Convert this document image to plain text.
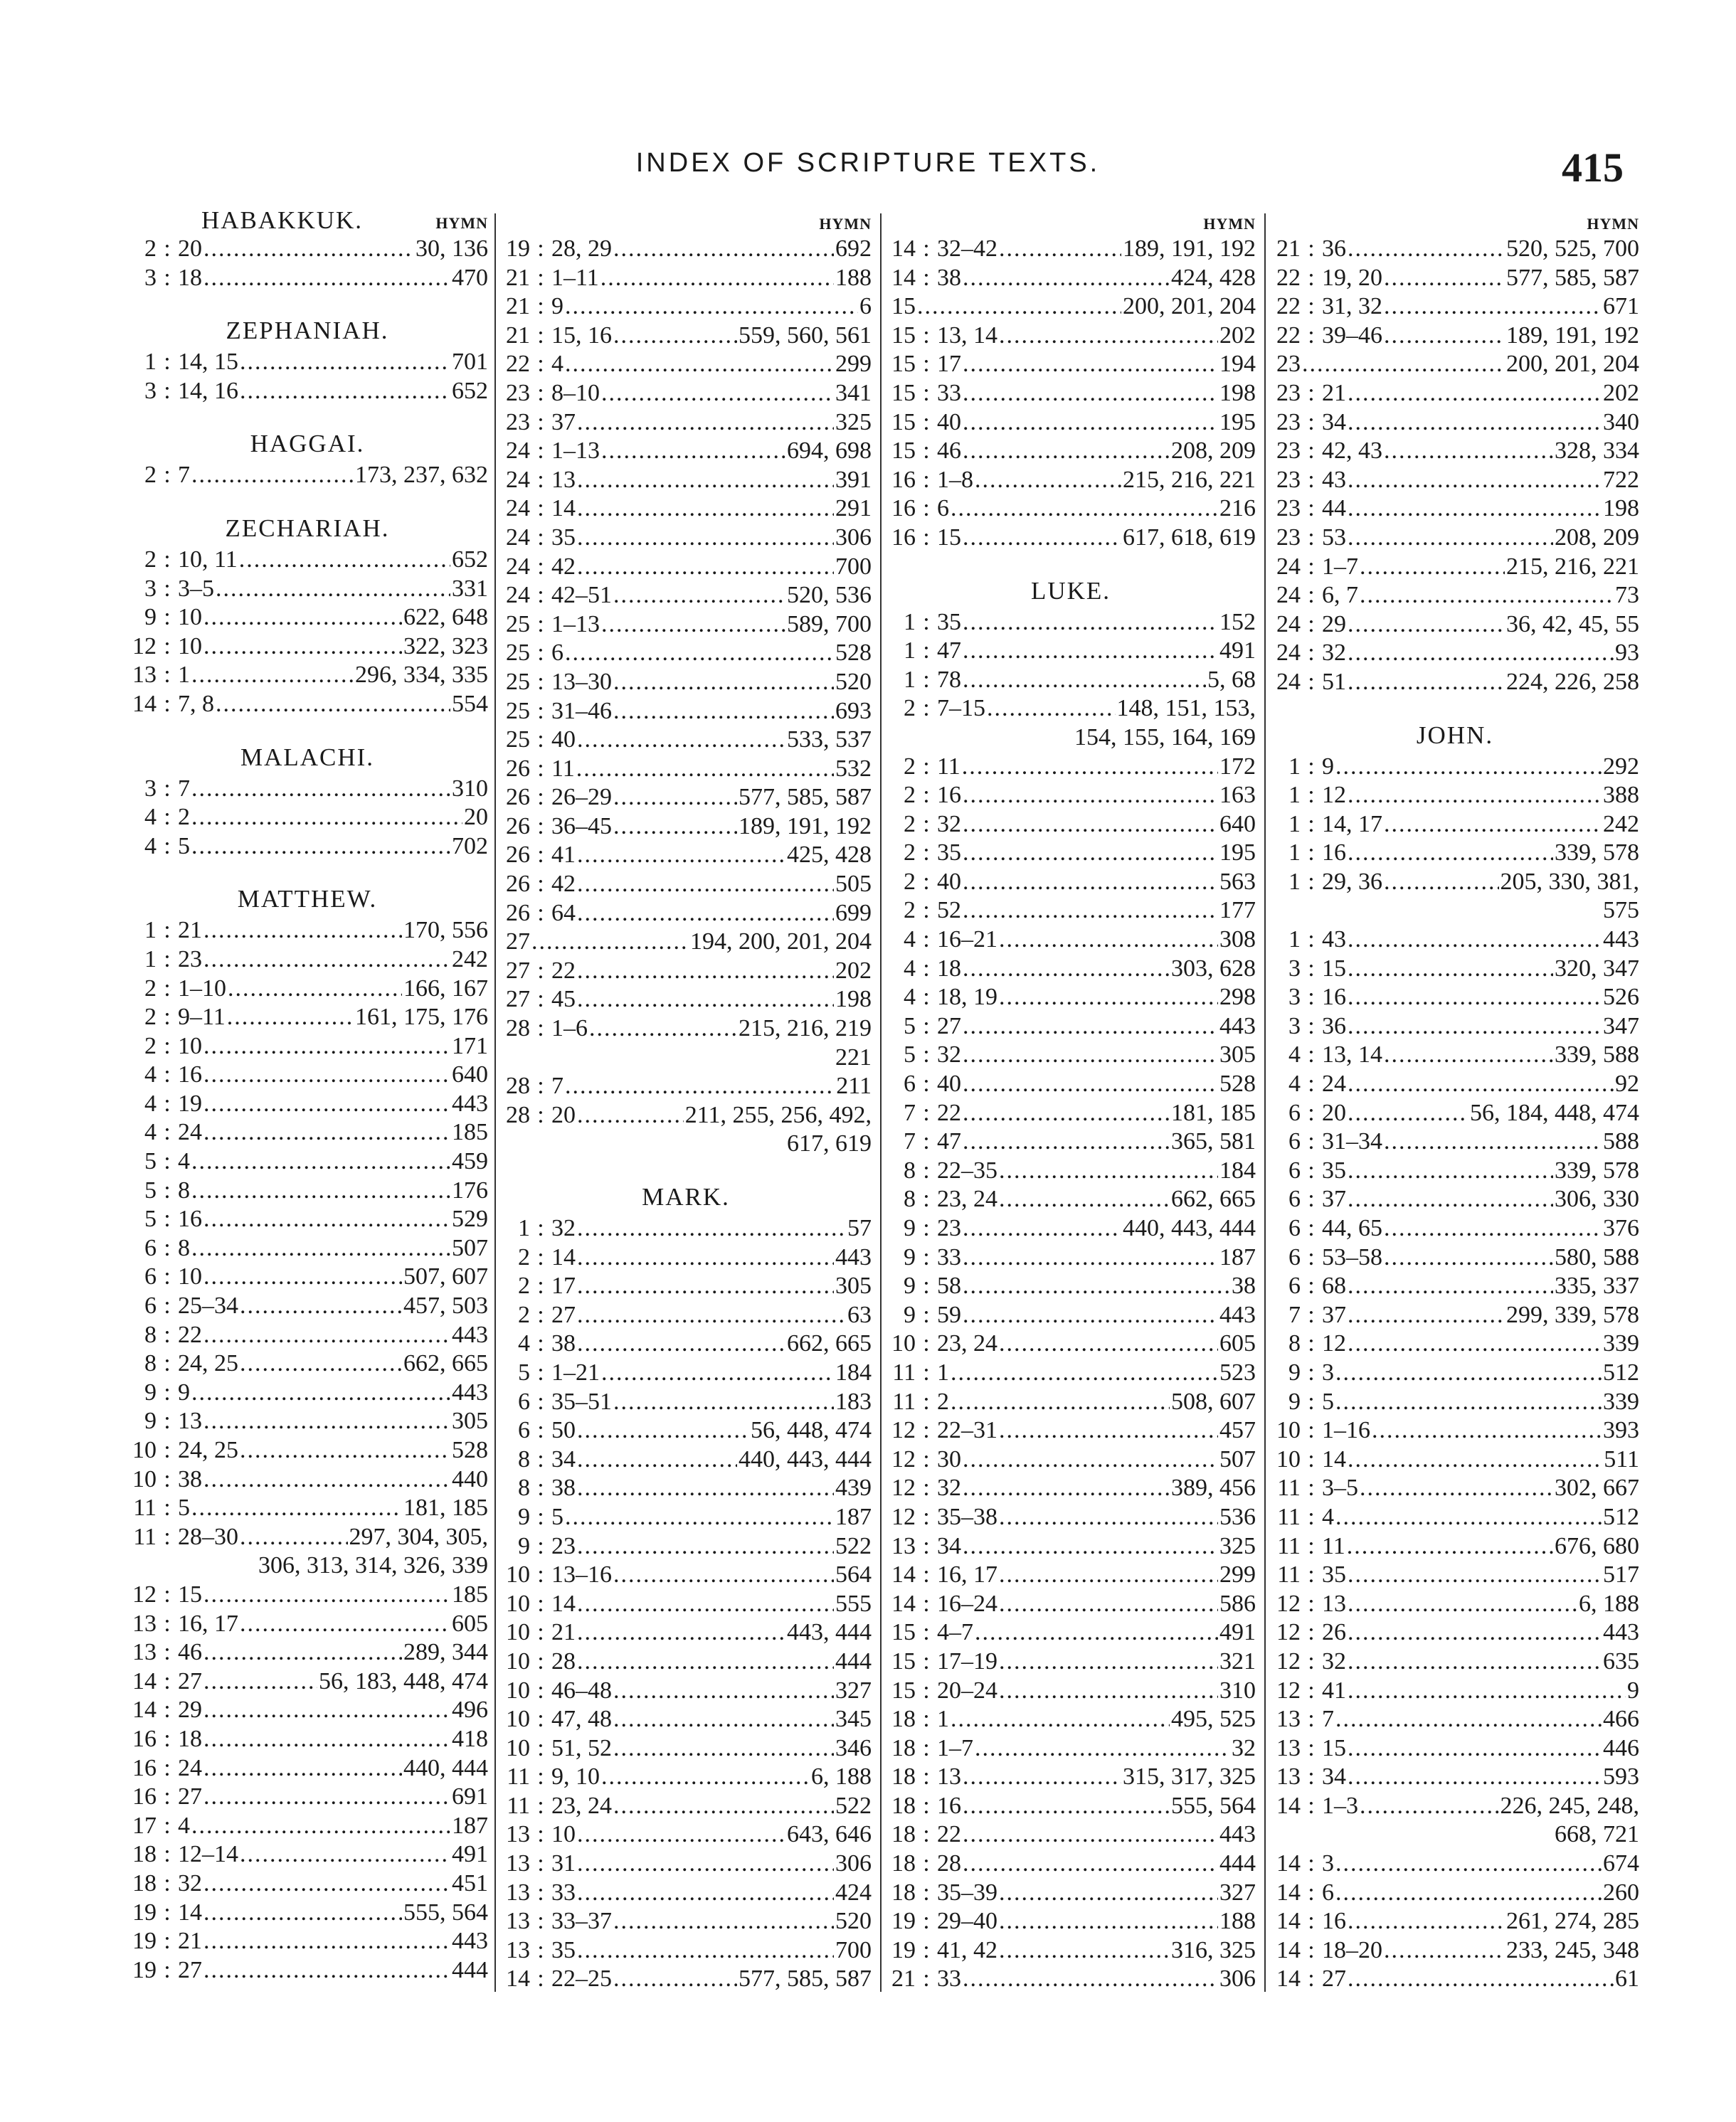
INDEX OF SCRIPTURE TEXTS.	415
HABAKKUK.	HYMN
2 : 20 .....	30, 136
3 : 18 .....	470
ZEPHANIAH.
1 : 14, 15 .....	701
3 : 14, 16 .....	652
HAGGAI.
2 : 7 .....	173, 237, 632
ZECHARIAH.
2 : 10, 11 .....	652
3 : 3–5 .....	331
9 : 10 .....	622, 648
12 : 10 .....	322, 323
13 : 1 .....	296, 334, 335
14 : 7, 8 .....	554
MALACHI.
3 : 7 .....	310
4 : 2 .....	20
4 : 5 .....	702
MATTHEW.
1 : 21 .....	170, 556
1 : 23 .....	242
2 : 1–10 .....	166, 167
2 : 9–11 .....	161, 175, 176
2 : 10 .....	171
4 : 16 .....	640
4 : 19 .....	443
4 : 24 .....	185
5 : 4 .....	459
5 : 8 .....	176
5 : 16 .....	529
6 : 8 .....	507
6 : 10 .....	507, 607
6 : 25–34 .....	457, 503
8 : 22 .....	443
8 : 24, 25 .....	662, 665
9 : 9 .....	443
9 : 13 .....	305
10 : 24, 25 .....	528
10 : 38 .....	440
11 : 5 .....	181, 185
11 : 28–30 .....	297, 304, 305,
306, 313, 314, 326, 339
12 : 15 .....	185
13 : 16, 17 .....	605
13 : 46 .....	289, 344
14 : 27 .....	56, 183, 448, 474
14 : 29 .....	496
16 : 18 .....	418
16 : 24 .....	440, 444
16 : 27 .....	691
17 : 4 .....	187
18 : 12–14 .....	491
18 : 32 .....	451
19 : 14 .....	555, 564
19 : 21 .....	443
19 : 27 .....	444
HYMN
19 : 28, 29 .....	692
21 : 1–11 .....	188
21 : 9 .....	6
21 : 15, 16 .....	559, 560, 561
22 : 4 .....	299
23 : 8–10 .....	341
23 : 37 .....	325
24 : 1–13 .....	694, 698
24 : 13 .....	391
24 : 14 .....	291
24 : 35 .....	306
24 : 42 .....	700
24 : 42–51 .....	520, 536
25 : 1–13 .....	589, 700
25 : 6 .....	528
25 : 13–30 .....	520
25 : 31–46 .....	693
25 : 40 .....	533, 537
26 : 11 .....	532
26 : 26–29 .....	577, 585, 587
26 : 36–45 .....	189, 191, 192
26 : 41 .....	425, 428
26 : 42 .....	505
26 : 64 .....	699
27 .....	194, 200, 201, 204
27 : 22 .....	202
27 : 45 .....	198
28 : 1–6 .....	215, 216, 219
221
28 : 7 .....	211
28 : 20 .....	211, 255, 256, 492,
617, 619
MARK.
1 : 32 .....	57
2 : 14 .....	443
2 : 17 .....	305
2 : 27 .....	63
4 : 38 .....	662, 665
5 : 1–21 .....	184
6 : 35–51 .....	183
6 : 50 .....	56, 448, 474
8 : 34 .....	440, 443, 444
8 : 38 .....	439
9 : 5 .....	187
9 : 23 .....	522
10 : 13–16 .....	564
10 : 14 .....	555
10 : 21 .....	443, 444
10 : 28 .....	444
10 : 46–48 .....	327
10 : 47, 48 .....	345
10 : 51, 52 .....	346
11 : 9, 10 .....	6, 188
11 : 23, 24 .....	522
13 : 10 .....	643, 646
13 : 31 .....	306
13 : 33 .....	424
13 : 33–37 .....	520
13 : 35 .....	700
14 : 22–25 .....	577, 585, 587
HYMN
14 : 32–42 .....	189, 191, 192
14 : 38 .....	424, 428
15 .....	200, 201, 204
15 : 13, 14 .....	202
15 : 17 .....	194
15 : 33 .....	198
15 : 40 .....	195
15 : 46 .....	208, 209
16 : 1–8 .....	215, 216, 221
16 : 6 .....	216
16 : 15 .....	617, 618, 619
LUKE.
1 : 35 .....	152
1 : 47 .....	491
1 : 78 .....	5, 68
2 : 7–15 .....	148, 151, 153,
154, 155, 164, 169
2 : 11 .....	172
2 : 16 .....	163
2 : 32 .....	640
2 : 35 .....	195
2 : 40 .....	563
2 : 52 .....	177
4 : 16–21 .....	308
4 : 18 .....	303, 628
4 : 18, 19 .....	298
5 : 27 .....	443
5 : 32 .....	305
6 : 40 .....	528
7 : 22 .....	181, 185
7 : 47 .....	365, 581
8 : 22–35 .....	184
8 : 23, 24 .....	662, 665
9 : 23 .....	440, 443, 444
9 : 33 .....	187
9 : 58 .....	38
9 : 59 .....	443
10 : 23, 24 .....	605
11 : 1 .....	523
11 : 2 .....	508, 607
12 : 22–31 .....	457
12 : 30 .....	507
12 : 32 .....	389, 456
12 : 35–38 .....	536
13 : 34 .....	325
14 : 16, 17 .....	299
14 : 16–24 .....	586
15 : 4–7 .....	491
15 : 17–19 .....	321
15 : 20–24 .....	310
18 : 1 .....	495, 525
18 : 1–7 .....	32
18 : 13 .....	315, 317, 325
18 : 16 .....	555, 564
18 : 22 .....	443
18 : 28 .....	444
18 : 35–39 .....	327
19 : 29–40 .....	188
19 : 41, 42 .....	316, 325
21 : 33 .....	306
HYMN
21 : 36 .....	520, 525, 700
22 : 19, 20 .....	577, 585, 587
22 : 31, 32 .....	671
22 : 39–46 .....	189, 191, 192
23 .....	200, 201, 204
23 : 21 .....	202
23 : 34 .....	340
23 : 42, 43 .....	328, 334
23 : 43 .....	722
23 : 44 .....	198
23 : 53 .....	208, 209
24 : 1–7 .....	215, 216, 221
24 : 6, 7 .....	73
24 : 29 .....	36, 42, 45, 55
24 : 32 .....	93
24 : 51 .....	224, 226, 258
JOHN.
1 : 9 .....	292
1 : 12 .....	388
1 : 14, 17 .....	242
1 : 16 .....	339, 578
1 : 29, 36 .....	205, 330, 381,
575
1 : 43 .....	443
3 : 15 .....	320, 347
3 : 16 .....	526
3 : 36 .....	347
4 : 13, 14 .....	339, 588
4 : 24 .....	92
6 : 20 .....	56, 184, 448, 474
6 : 31–34 .....	588
6 : 35 .....	339, 578
6 : 37 .....	306, 330
6 : 44, 65 .....	376
6 : 53–58 .....	580, 588
6 : 68 .....	335, 337
7 : 37 .....	299, 339, 578
8 : 12 .....	339
9 : 3 .....	512
9 : 5 .....	339
10 : 1–16 .....	393
10 : 14 .....	511
11 : 3–5 .....	302, 667
11 : 4 .....	512
11 : 11 .....	676, 680
11 : 35 .....	517
12 : 13 .....	6, 188
12 : 26 .....	443
12 : 32 .....	635
12 : 41 .....	9
13 : 7 .....	466
13 : 15 .....	446
13 : 34 .....	593
14 : 1–3 .....	226, 245, 248,
668, 721
14 : 3 .....	674
14 : 6 .....	260
14 : 16 .....	261, 274, 285
14 : 18–20 .....	233, 245, 348
14 : 27 .....	61
